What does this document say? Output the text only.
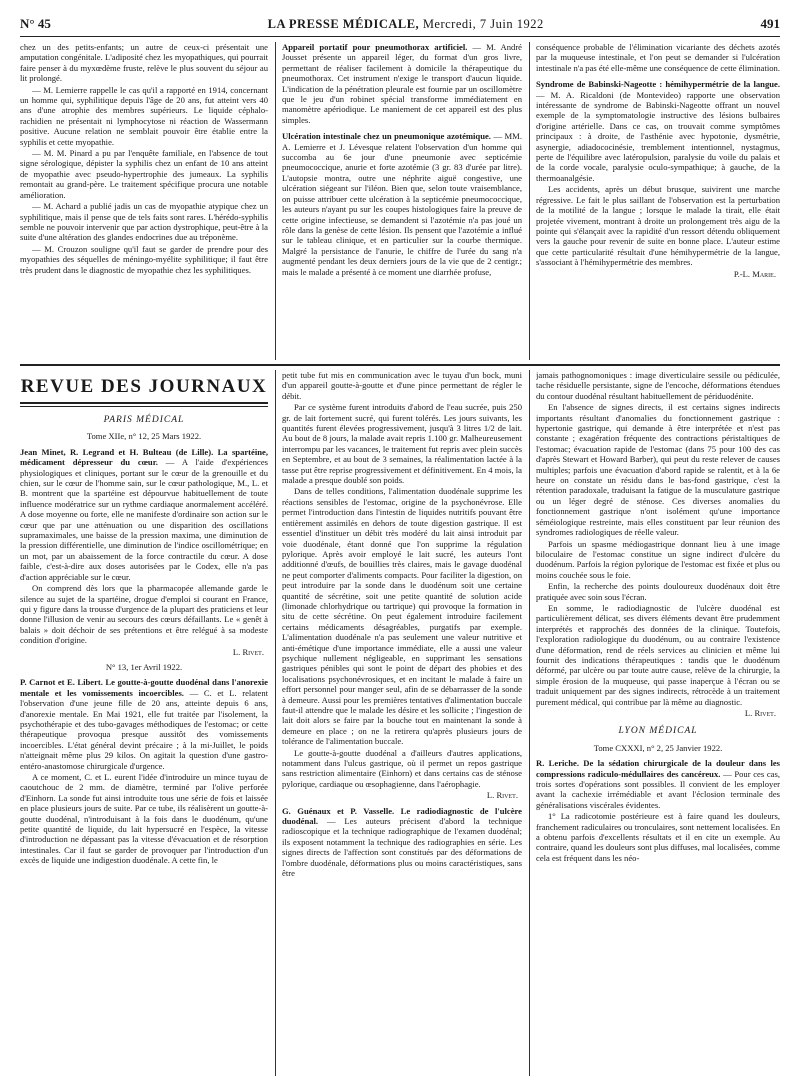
N° 45	LA PRESSE MÉDICALE, Mercredi, 7 Juin 1922	491

chez un des petits-enfants; un autre de ceux-ci présentait une amputation congénitale. L'adiposité chez les myopathiques, qui pourrait faire penser à du myxœdème fruste, relève le plus souvent du séjour au lit prolongé.

— M. Lemierre rappelle le cas qu'il a rapporté en 1914, concernant un homme qui, syphilitique depuis l'âge de 20 ans, fut atteint vers 40 ans d'une atrophie des membres supérieurs. Le liquide céphalo-rachidien ne présentait ni lymphocytose ni réaction de Wassermann positive. Aucune relation ne semblait pouvoir être établie entre la syphilis et cette myopathie.

— M. M. Pinard a pu par l'enquête familiale, en l'absence de tout signe sérologique, dépister la syphilis chez un enfant de 10 ans atteint de myopathie avec pseudo-hypertrophie des jumeaux. La syphilis remontait au grand-père. Le traitement spécifique procura une notable amélioration.

— M. Achard a publié jadis un cas de myopathie atypique chez un syphilitique, mais il pense que de tels faits sont rares. L'hérédo-syphilis semble ne pouvoir intervenir que par action dystrophique, peut-être à la suite d'une altération des glandes endocrines due au tréponème.

— M. Crouzon souligne qu'il faut se garder de prendre pour des myopathies des séquelles de méningo-myélite syphilitique; il faut être très prudent dans le diagnostic de myopathie chez les syphilitiques.

Appareil portatif pour pneumothorax artificiel. — M. André Jousset présente un appareil léger, du format d'un gros livre, permettant de réaliser facilement à domicile la thérapeutique du pneumothorax. Cet instrument n'exige le transport d'aucun liquide. L'indication de la pénétration pleurale est fournie par un oscillomètre que le jeu d'un robinet spécial transforme immédiatement en manomètre apériodique. Le maniement de cet appareil est des plus simples.

Ulcération intestinale chez un pneumonique azotémique. — MM. A. Lemierre et J. Lévesque relatent l'observation d'un homme qui succomba au 6e jour d'une pneumonie avec septicémie pneumococcique, anurie et forte azotémie (3 gr. 83 d'urée par litre). L'autopsie montra, outre une néphrite aiguë congestive, une ulcération siégeant sur l'iléon. Bien que, selon toute vraisemblance, on puisse attribuer cette ulcération à la septicémie pneumococcique, les auteurs n'ayant pu sur les coupes histologiques faire la preuve de cette origine infectieuse, se demandent si l'azotémie n'a pas joué un rôle dans la genèse de cette lésion. Ils pensent que l'azotémie a influé sur le tableau clinique, et en particulier sur la courbe thermique. Malgré la persistance de l'anurie, le chiffre de l'urée du sang n'a augmenté pendant les deux derniers jours de la vie que de 2 centigr.; mais le malade a présenté à ce moment une diarrhée profuse,

conséquence probable de l'élimination vicariante des déchets azotés par la muqueuse intestinale, et l'on peut se demander si l'ulcération intestinale n'a pas été elle-même une conséquence de cette élimination.

Syndrome de Babinski-Nageotte : hémihypermétrie de la langue. — M. A. Ricaldoni (de Montevideo) rapporte une observation intéressante de syndrome de Babinski-Nageotte offrant un nouvel exemple de la symptomatologie instructive des lésions bulbaires d'origine artérielle. Dans ce cas, on trouvait comme symptômes principaux : à droite, de l'asthénie avec hypotonie, dysmétrie, asynergie, adiadococinésie, tremblement intentionnel, nystagmus, perte de l'équilibre avec latéropulsion, paralysie du voile du palais et de la corde vocale, paralysie oculo-sympathique; à gauche, de la thermoanalgésie.

Les accidents, après un début brusque, suivirent une marche régressive. Le fait le plus saillant de l'observation est la perturbation de la motilité de la langue ; lorsque le malade la tirait, elle était projetée vivement, montrant à droite un prolongement très aigu de la pointe qui s'élançait avec la rapidité d'un ressort détendu obliquement vers la gauche pour revenir de suite en bonne place. L'auteur estime que cette particularité résultait d'une hémihypermétrie de la langue, s'associant à l'hémihypermétrie des membres.

P.-L. Marie.

REVUE DES JOURNAUX

PARIS MÉDICAL

Tome XIIe, n° 12, 25 Mars 1922.

Jean Minet, R. Legrand et H. Bulteau (de Lille). La spartéine, médicament dépresseur du cœur. — A l'aide d'expériences physiologiques et cliniques, portant sur le cœur de la grenouille et du chien, sur le cœur de l'homme sain, sur le cœur pathologique, M., L. et B. montrent que la spartéine est dépourvue habituellement de toute influence modératrice sur un rythme cardiaque anormalement accéléré. A dose moyenne ou forte, elle ne manifeste d'ordinaire son action sur le cœur que par une atténuation ou une disparition des oscillations supramaximales, une baisse de la pression maxima, une diminution de la pression différentielle, une diminution de l'indice oscillométrique; en un mot, par un abaissement de la force contractile du cœur. A dose faible, c'est-à-dire aux doses autorisées par le Codex, elle n'a pas d'action appréciable sur le cœur.

On comprend dès lors que la pharmacopée allemande garde le silence au sujet de la spartéine, drogue d'emploi si courant en France, qui y figure dans la trousse d'urgence de la plupart des praticiens et leur donne l'illusion de venir au secours des cœurs défaillants. Le « genêt à balais » doit déchoir de ses prétentions et être relégué à sa modeste condition d'origine.

L. Rivet.

N° 13, 1er Avril 1922.

P. Carnot et E. Libert. Le goutte-à-goutte duodénal dans l'anorexie mentale et les vomissements incoercibles. — C. et L. relatent l'observation d'une jeune fille de 20 ans, atteinte depuis 6 ans, d'anorexie mentale. En Mai 1921, elle fut traitée par l'isolement, la psychothérapie et des tubo-gavages méthodiques de l'estomac; or cette thérapeutique provoqua presque aussitôt des vomissements incoercibles. L'état général devint précaire ; à la mi-Juillet, le poids n'atteignait même plus 29 kilos. On agitait la question d'une gastro-entéro-anastomose chirurgicale d'urgence.

A ce moment, C. et L. eurent l'idée d'introduire un mince tuyau de caoutchouc de 2 mm. de diamètre, terminé par l'olive perforée d'Einhorn. La sonde fut ainsi introduite tous une série de fois et laissée en place plusieurs jours de suite. Par ce tube, ils réalisèrent un goutte-à-goutte duodénal, n'introduisant à la fois dans le duodénum, qu'une petite quantité de liquide, du lait hypersucré en l'espèce, la vitesse d'introduction ne dépassant pas la vitesse d'évacuation et de résorption intestinales. Car il faut se garder de provoquer par l'introduction d'un excès de liquide une indigestion duodénale. A cette fin, le

petit tube fut mis en communication avec le tuyau d'un bock, muni d'un appareil goutte-à-goutte et d'une pince permettant de régler le débit.

Par ce système furent introduits d'abord de l'eau sucrée, puis 250 gr. de lait fortement sucré, qui furent tolérés. Les jours suivants, les quantités furent élevées progressivement, jusqu'à 3 litres 1/2 de lait. Au bout de 8 jours, la malade avait repris 1.100 gr. Malheureusement interrompu par les vacances, le traitement fut repris avec plein succès en Septembre, et au bout de 3 semaines, la réalimentation lactée à la tasse put être reprise progressivement et définitivement. En 4 mois, la malade a presque doublé son poids.

Dans de telles conditions, l'alimentation duodénale supprime les réactions sensibles de l'estomac, origine de la psychonévrose. Elle permet l'introduction dans l'intestin de liquides nutritifs pouvant être entièrement assimilés en dehors de toute digestion gastrique. Il est essentiel d'instituer un débit très modéré du lait ainsi introduit par voie duodénale, étant donné que l'on supprime la régulation pylorique. Après avoir employé le lait sucré, les auteurs l'ont additionné d'œufs, de bouillies très claires, mais le gavage duodénal ne peut comporter d'aliments compacts. Pour faciliter la digestion, on peut introduire par la sonde dans le duodénum soit une certaine quantité de sécrétine, soit une petite quantité de solution acide (limonade chlorhydrique ou tartrique) qui provoque la formation in situ de cette sécrétine. On peut également introduire facilement certains médicaments désagréables, purgatifs par exemple. L'alimentation duodénale n'a pas seulement une valeur nutritive et anti-émétique d'une importance immédiate, elle a aussi une valeur psychique nullement négligeable, en supprimant les sensations gastriques pénibles qui sont le point de départ des phobies et des localisations psychonévrosiques, et en incitant le malade à faire un effort personnel pour manger seul, afin de se débarrasser de la sonde à demeure. Aussi pour les premières tentatives d'alimentation buccale faut-il attendre que le malade les désire et les sollicite ; l'ingestion de lait doit alors se faire par la bouche tout en maintenant la sonde à demeure en place ; on ne la retirera qu'après plusieurs jours de tolérance de l'alimentation buccale.

Le goutte-à-goutte duodénal a d'ailleurs d'autres applications, notamment dans l'ulcus gastrique, où il permet un repos gastrique sans restriction alimentaire (Einhorn) et dans certains cas de sténose pylorique, cardiaque ou œsophagienne, dans l'aérophagie.

L. Rivet.

G. Guénaux et P. Vasselle. Le radiodiagnostic de l'ulcère duodénal. — Les auteurs précisent d'abord la technique radioscopique et la technique radiographique de l'examen duodénal; ils exposent notamment la technique des radiographies en série. Les signes directs de l'affection sont constitués par des déformations de l'ombre duodénale, déformations plus ou moins caractéristiques, sans être

jamais pathognomoniques : image diverticulaire sessile ou pédiculée, tache résiduelle persistante, signe de l'encoche, déformations étendues du contour duodénal résultant habituellement de périduodénite.

En l'absence de signes directs, il est certains signes indirects importants résultant d'anomalies du fonctionnement gastrique : hypertonie gastrique, qui demande à être interprétée et n'est pas constante ; exagération fréquente des contractions péristaltiques de l'estomac; évacuation rapide de l'estomac (dans 75 pour 100 des cas d'après Stewart et Howard Barber), qui peut du reste relever de causes multiples; parfois une évacuation d'abord rapide se ralentit, et à la 6e heure on constate un résidu dans le bas-fond gastrique, c'est la rétention paradoxale, traduisant la fatigue de la musculature gastrique ou un léger degré de sténose. Ces diverses anomalies du fonctionnement gastrique n'ont isolément qu'une importance séméiologique restreinte, mais elles constituent par leur réunion des syndromes radiologiques de réelle valeur.

Parfois un spasme médiogastrique donnant lieu à une image biloculaire de l'estomac constitue un signe indirect d'ulcère du duodénum. Parfois la région pylorique de l'estomac est fixée et plus ou moins couchée sous le foie.

Enfin, la recherche des points douloureux duodénaux doit être pratiquée avec soin sous l'écran.

En somme, le radiodiagnostic de l'ulcère duodénal est particulièrement délicat, ses divers éléments devant être prudemment interprétés et rapprochés des données de la clinique. Toutefois, l'exploration radiologique du duodénum, ou au contraire l'existence d'une déformation, rend de réels services au clinicien et même lui fournit des indications thérapeutiques : tandis que le duodénum déformé, par ulcère ou par toute autre cause, relève de la chirurgie, la simple érosion de la muqueuse, qui passe inaperçue à l'écran ou se traduit uniquement par des signes indirects, rétrocède à un traitement purement médical, qui contribue par là même au diagnostic.

L. Rivet.

LYON MÉDICAL

Tome CXXXI, n° 2, 25 Janvier 1922.

R. Leriche. De la sédation chirurgicale de la douleur dans les compressions radiculo-médullaires des cancéreux. — Pour ces cas, trois sortes d'opérations sont possibles. Il convient de les employer avant la cachexie irrémédiable et avant l'éclosion terminale des généralisations viscérales évidentes.

1° La radicotomie postérieure est à faire quand les douleurs, franchement radiculaires ou tronculaires, sont nettement localisées. En a obtenu parfois d'excellents résultats et il en cite un exemple. Au contraire, quand les douleurs sont plus diffuses, mal localisées, comme cela est fréquent dans les néo-
